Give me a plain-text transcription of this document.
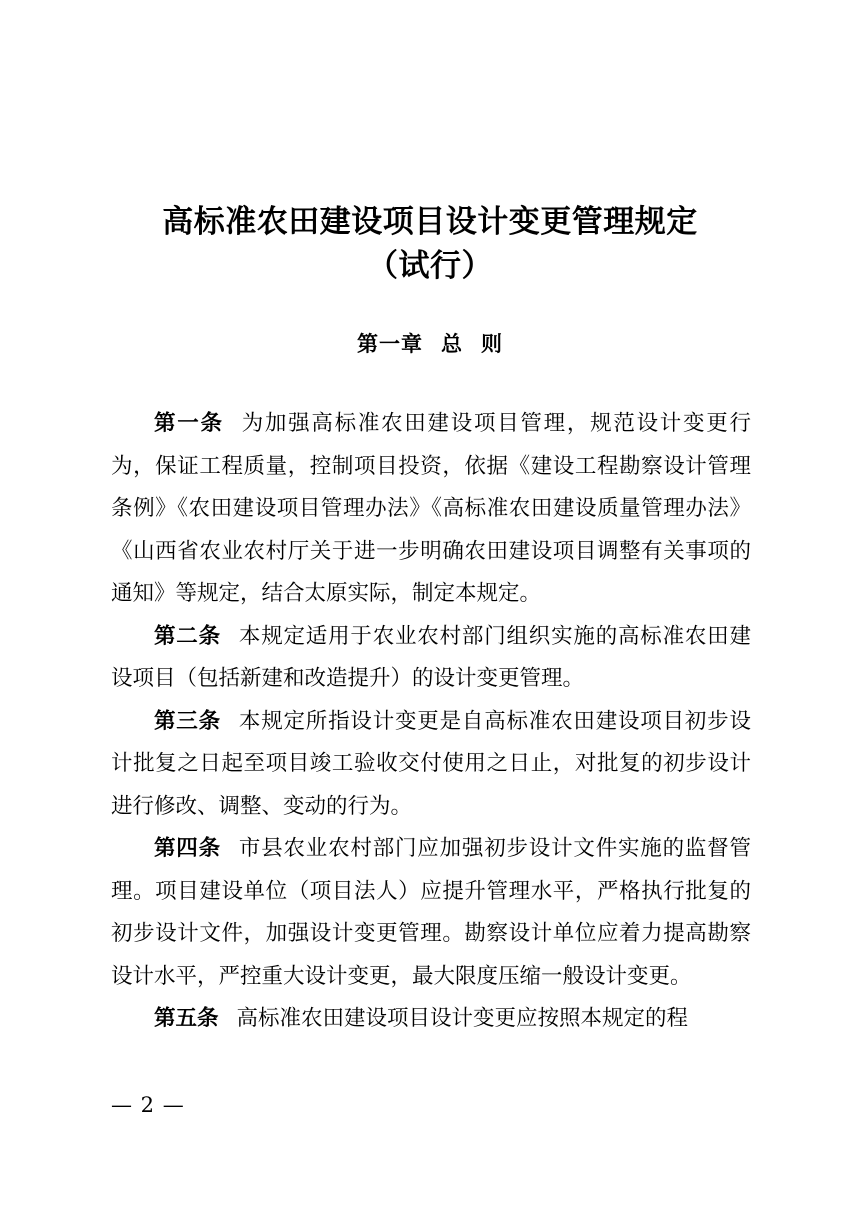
高标准农田建设项目设计变更管理规定
（试行）
第一章 总 则

第一条 为加强高标准农田建设项目管理，规范设计变更行为，保证工程质量，控制项目投资，依据《建设工程勘察设计管理条例》《农田建设项目管理办法》《高标准农田建设质量管理办法》《山西省农业农村厅关于进一步明确农田建设项目调整有关事项的通知》等规定，结合太原实际，制定本规定。

第二条 本规定适用于农业农村部门组织实施的高标准农田建设项目（包括新建和改造提升）的设计变更管理。

第三条 本规定所指设计变更是自高标准农田建设项目初步设计批复之日起至项目竣工验收交付使用之日止，对批复的初步设计进行修改、调整、变动的行为。

第四条 市县农业农村部门应加强初步设计文件实施的监督管理。项目建设单位（项目法人）应提升管理水平，严格执行批复的初步设计文件，加强设计变更管理。勘察设计单位应着力提高勘察设计水平，严控重大设计变更，最大限度压缩一般设计变更。

第五条 高标准农田建设项目设计变更应按照本规定的程

— 2 —
